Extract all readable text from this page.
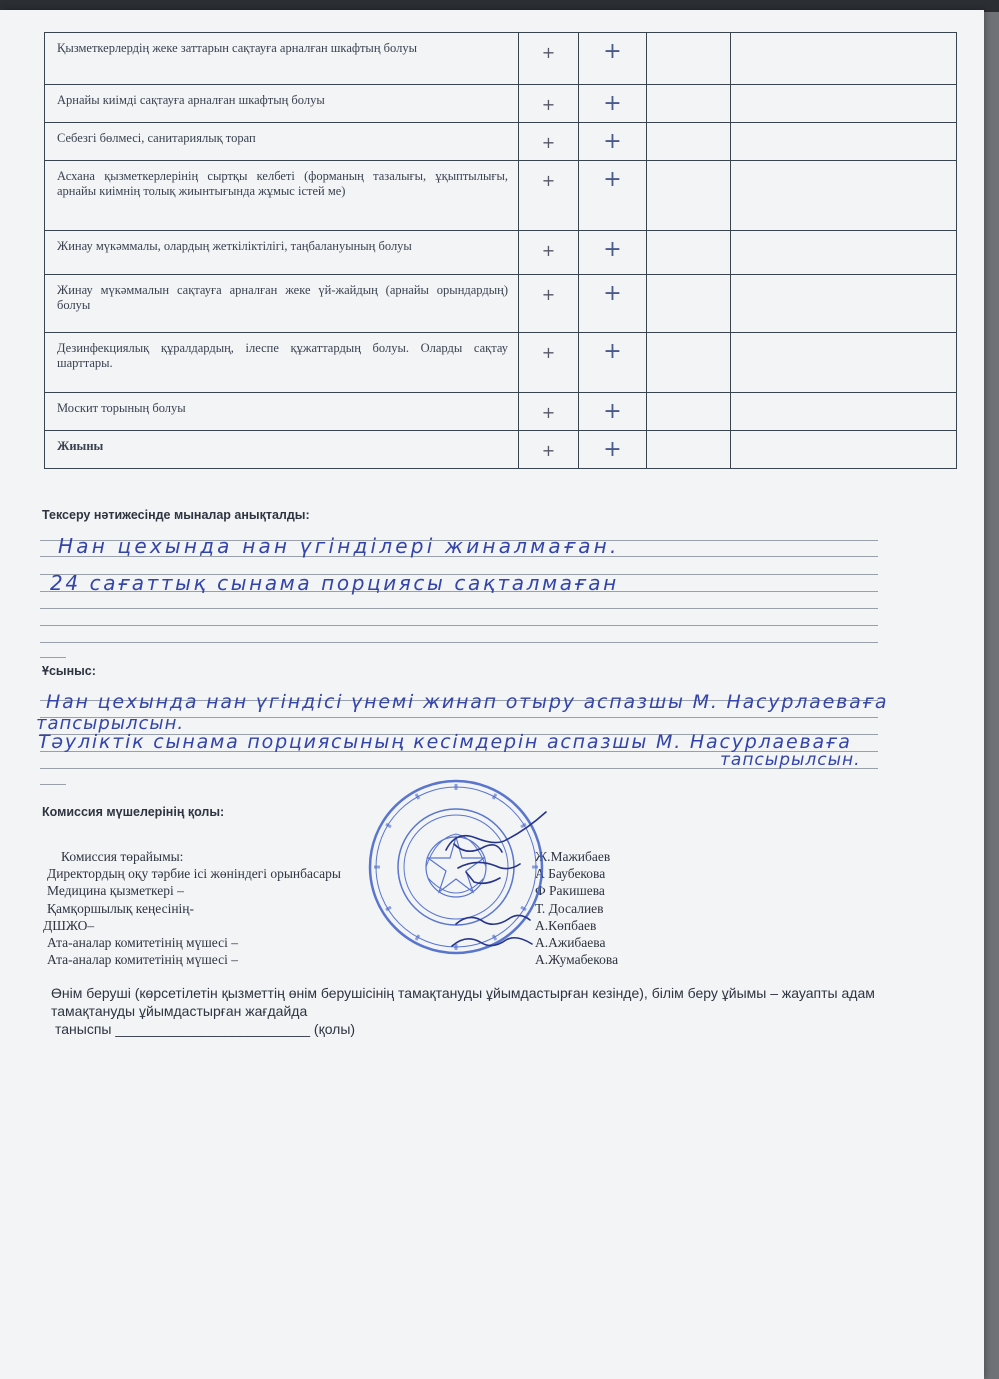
Қызметкерлердің жеке заттарын сақтауға арналған шкафтың болуы	+	+		
Арнайы киімді сақтауға арналған шкафтың болуы	+	+		
Себезгі бөлмесі, санитариялық торап	+	+		
Асхана қызметкерлерінің сыртқы келбеті (форманың тазалығы, ұқыптылығы, арнайы киімнің толық жиынтығында жұмыс істей ме)	+	+		
Жинау мүкәммалы, олардың жеткіліктілігі, таңбалануының болуы	+	+		
Жинау мүкәммалын сақтауға арналған жеке үй-жайдың (арнайы орындардың) болуы	+	+		
Дезинфекциялық құралдардың, ілеспе құжаттардың болуы. Оларды сақтау шарттары.	+	+		
Москит торының болуы	+	+		
Жиыны	+	+		
Тексеру нәтижесінде мыналар анықталды:
Нан цехында нан үгінділері жиналмаған.
24 сағаттық сынама порциясы сақталмаған
Ұсыныс:
Нан цехында нан үгіндісі үнемі жинап отыру аспазшы М. Насурлаеваға
тапсырылсын.
Тәуліктік сынама порциясының кесімдерін аспазшы М. Насурлаеваға
тапсырылсын.
Комиссия мүшелерінің қолы:
Комиссия төрайымы:	Ж.Мажибаев
Директордың оқу тәрбие ісі жөніндегі орынбасары	А Баубекова
Медицина қызметкері –	Ф Ракишева
Қамқоршылық кеңесінің-	Т. Досалиев
ДШЖО–	А.Көпбаев
Ата-аналар комитетінің мүшесі –	А.Ажибаева
Ата-аналар комитетінің мүшесі –	А.Жумабекова
Өнім беруші (көрсетілетін қызметтің өнім берушісінің тамақтануды ұйымдастырған кезінде), білім беру ұйымы – жауапты адам тамақтануды ұйымдастырған жағдайда
таныспы _________________________ (қолы)
